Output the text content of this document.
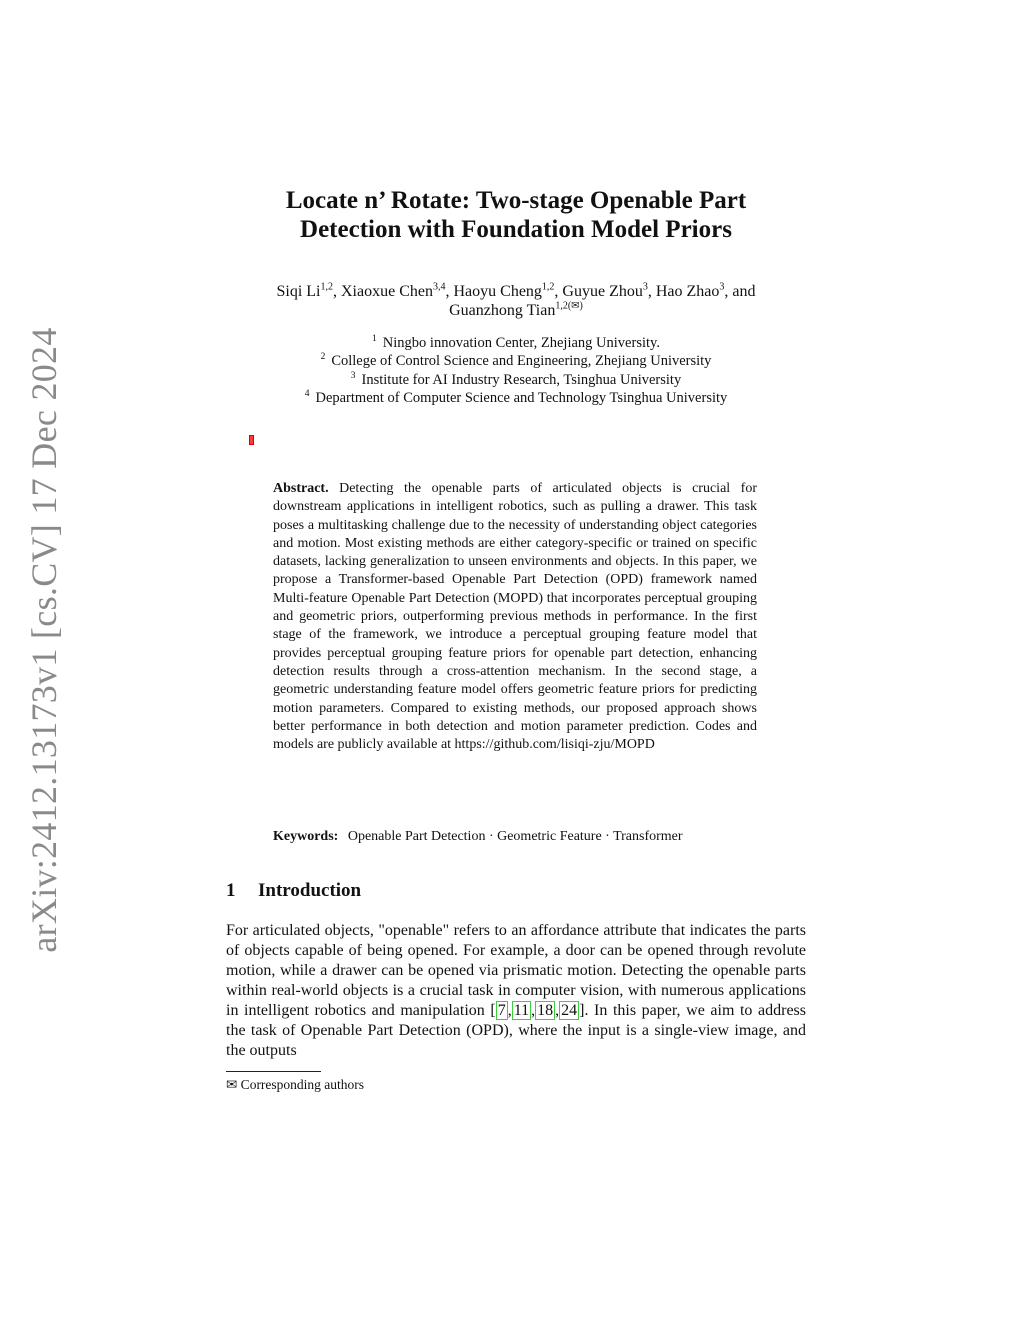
arXiv:2412.13173v1 [cs.CV] 17 Dec 2024
Locate n’ Rotate: Two-stage Openable Part
Detection with Foundation Model Priors
Siqi Li$^{1,2}$, Xiaoxue Chen$^{3,4}$, Haoyu Cheng$^{1,2}$, Guyue Zhou$^3$, Hao Zhao$^3$, and
Guanzhong Tian$^{1,2(✉)}$
$^1$ Ningbo innovation Center, Zhejiang University.
$^2$ College of Control Science and Engineering, Zhejiang University
$^3$ Institute for AI Industry Research, Tsinghua University
$^4$ Department of Computer Science and Technology Tsinghua University
Abstract. Detecting the openable parts of articulated objects is crucial for downstream applications in intelligent robotics, such as pulling a drawer. This task poses a multitasking challenge due to the necessity of understanding object categories and motion. Most existing methods are either category-specific or trained on specific datasets, lacking generalization to unseen environments and objects. In this paper, we propose a Transformer-based Openable Part Detection (OPD) framework named Multi-feature Openable Part Detection (MOPD) that incorporates perceptual grouping and geometric priors, outperforming previous methods in performance. In the first stage of the framework, we introduce a perceptual grouping feature model that provides perceptual grouping feature priors for openable part detection, enhancing detection results through a cross-attention mechanism. In the second stage, a geometric understanding feature model offers geometric feature priors for predicting motion parameters. Compared to existing methods, our proposed approach shows better performance in both detection and motion parameter prediction. Codes and models are publicly available at https://github.com/lisiqi-zju/MOPD
Keywords: Openable Part Detection · Geometric Feature · Transformer
1 Introduction
For articulated objects, "openable" refers to an affordance attribute that indicates the parts of objects capable of being opened. For example, a door can be opened through revolute motion, while a drawer can be opened via prismatic motion. Detecting the openable parts within real-world objects is a crucial task in computer vision, with numerous applications in intelligent robotics and manipulation [ 7 , 11 , 18 , 24 ]. In this paper, we aim to address the task of Openable Part Detection (OPD), where the input is a single-view image, and the outputs
✉ Corresponding authors
